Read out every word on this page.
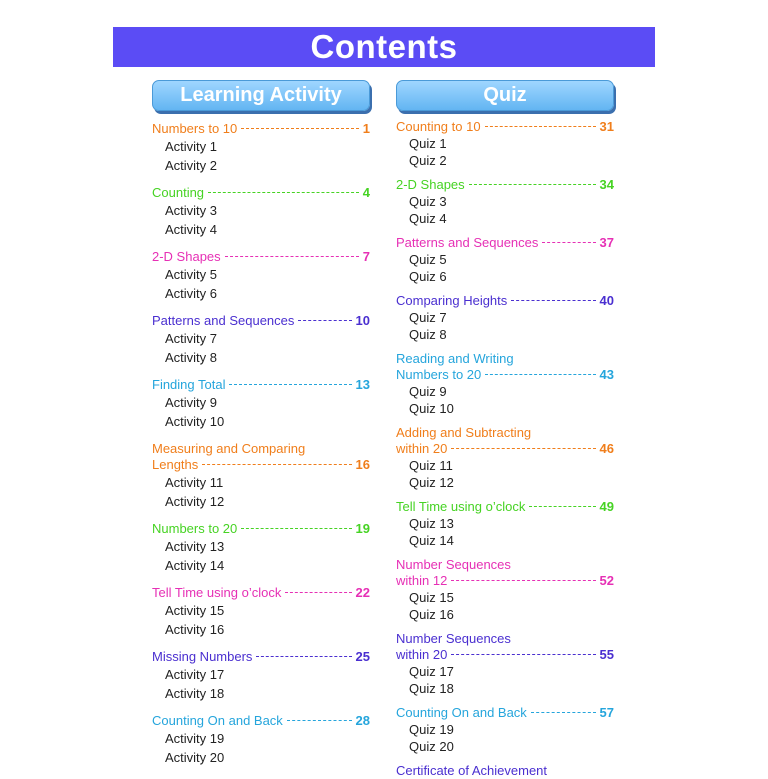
Contents
Learning Activity
Numbers to 10	1
Activity 1
Activity 2
Counting	4
Activity 3
Activity 4
2-D Shapes	7
Activity 5
Activity 6
Patterns and Sequences	10
Activity 7
Activity 8
Finding Total	13
Activity 9
Activity 10
Measuring and Comparing
Lengths	16
Activity 11
Activity 12
Numbers to 20	19
Activity 13
Activity 14
Tell Time using o’clock	22
Activity 15
Activity 16
Missing Numbers	25
Activity 17
Activity 18
Counting On and Back	28
Activity 19
Activity 20
Quiz
Counting to 10	31
Quiz 1
Quiz 2
2-D Shapes	34
Quiz 3
Quiz 4
Patterns and Sequences	37
Quiz 5
Quiz 6
Comparing Heights	40
Quiz 7
Quiz 8
Reading and Writing
Numbers to 20	43
Quiz 9
Quiz 10
Adding and Subtracting
within 20	46
Quiz 11
Quiz 12
Tell Time using o’clock	49
Quiz 13
Quiz 14
Number Sequences
within 12	52
Quiz 15
Quiz 16
Number Sequences
within 20	55
Quiz 17
Quiz 18
Counting On and Back	57
Quiz 19
Quiz 20
Certificate of Achievement
